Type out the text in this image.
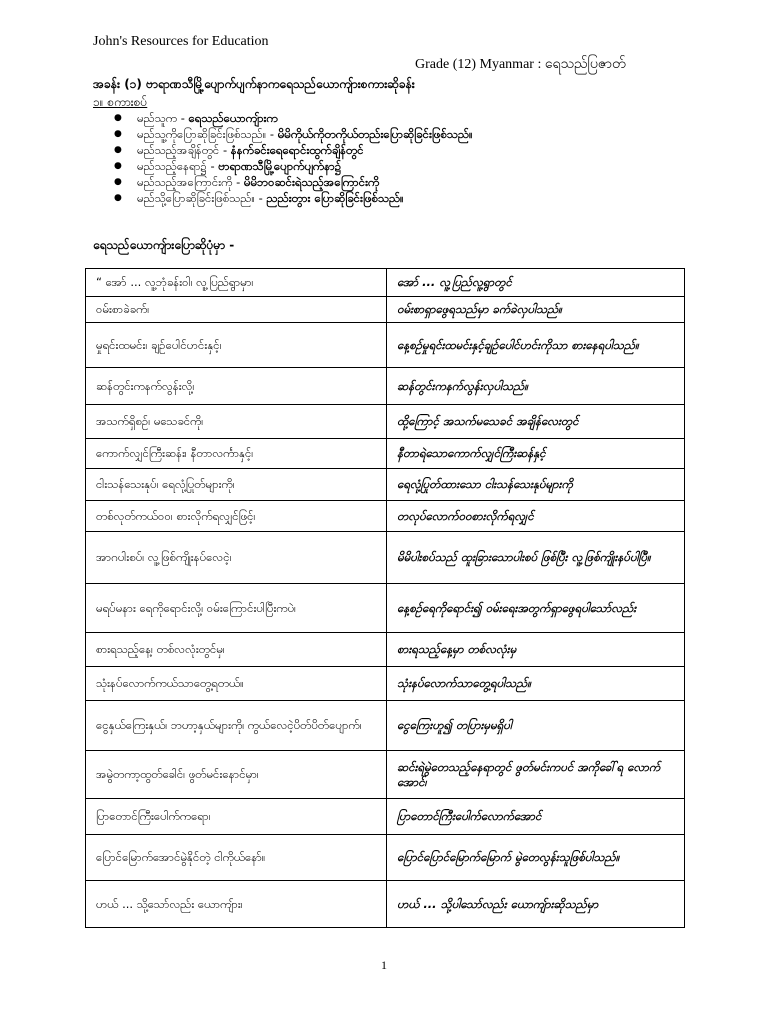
John's Resources for Education
Grade (12) Myanmar : ရေသည်ပြဇာတ်
အခန်း (၁) ဗာရာဏသီမြို့ပျောက်ပျက်နာကရေသည်ယောကျ်ားစကားဆိုခန်း
၁။ စကားစပ်
● မည်သူက - ရေသည်ယောကျ်ားက
● မည်သူ့ကိုပြောဆိုခြင်းဖြစ်သည်။ - မိမိကိုယ်ကိုတကိုယ်တည်းပြောဆိုခြင်းဖြစ်သည်။
● မည်သည့်အချိန်တွင် - နံနက်ခင်းရေရောင်းထွက်ချိန်တွင်
● မည်သည့်နေရာ၌ - ဗာရာဏသီမြို့ပျောက်ပျက်နာ၌
● မည်သည့်အကြောင်းကို - မိမိဘဝဆင်းရဲသည့်အကြောင်းကို
● မည်သို့ပြောဆိုခြင်းဖြစ်သည်။ - ညည်းတွား ပြောဆိုခြင်းဖြစ်သည်။
ရေသည်ယောကျ်ားပြောဆိုပုံမှာ -
“ အော် ... လူ့ဘုံခန်းဝါ၊ လူ့ပြည်ရွာမှာ၊	အော် ... လူ့ပြည်လူ့ရွာတွင်
ဝမ်းစာခဲခက်၊	ဝမ်းစာရှာဖွေရသည်မှာ ခက်ခဲလှပါသည်။
မှုရင်းထမင်း၊ ချဉ်ပေါင်ဟင်းနှင့်၊	နေ့စဉ်မှုရင်းထမင်းနှင့်ချဉ်ပေါင်ဟင်းကိုသာ စားနေရပါသည်။
ဆန်တွင်းကနက်လွန်းလို့၊	ဆန်တွင်းကနက်လွန်းလှပါသည်။
အသက်ရှိစဉ်၊ မသေခင်ကို၊	ထို့ကြောင့် အသက်မသေခင် အချိန်လေးတွင်
ကောက်လျှင်ကြီးဆန်း၊ နီတာလင်္ကာနှင့်၊	နီတာရဲသောကောက်လျှင်ကြီးဆန်နှင့်
ငါးသန်သေးနုပ်၊ ရေလုံ့ပြုတ်များကို၊	ရေလုံ့ပြုတ်ထားသော ငါးသန်သေးနုပ်များကို
တစ်လုတ်ကယ်ဝဝ၊ စားလိုက်ရလျှင်ဖြင့်၊	တလုပ်လောက်ဝဝစားလိုက်ရလျှင်
အာဂပါးစပ်၊ လူ့ဖြစ်ကျိုးနပ်လေငဲ့၊	မိမိပါးစပ်သည် ထူးခြားသောပါးစပ် ဖြစ်ပြီး လူ့ဖြစ်ကျိုးနပ်ပါပြီ။
မရပ်မနား ရေကိုရောင်းလို့၊ ဝမ်းကြောင်းပါပြီးကပဲ၊	နေ့စဉ်ရေကိုရောင်း၍ ဝမ်းရေးအတွက်ရှာဖွေရပါသော်လည်း
စားရသည့်နေ့၊ တစ်လလုံးတွင်မှ၊	စားရသည့်နေ့မှာ တစ်လလုံးမှ
သုံးနပ်လောက်ကယ်သာတွေ့ရတယ်။	သုံးနပ်လောက်သာတွေ့ရပါသည်။
ငွေနှယ်ကြေးနှယ်၊ ဘဟာ့နှယ်များကို၊ ကွယ်လေငဲ့ပိတ်ပိတ်ပျောက်၊	ငွေကြေးဟူ၍ တပြားမှမရှိပါ
အမွဲတကာ့ထွတ်ခေါင်၊ ဖွတ်မင်းနောင်မှာ၊	ဆင်းရဲမွဲတေသည့်နေရာတွင် ဖွတ်မင်းကပင် အကိုခေါ်ရ လောက်အောင်၊
ပြာတောင်ကြီးပေါက်ကရော၊	ပြာတောင်ကြီးပေါက်လောက်အောင်
ပြောင်မြောက်အောင်မွဲနိုင်တဲ့ ငါကိုယ်နော်။	ပြောင်ပြောင်မြောက်မြောက် မွဲတေလွန်းသူဖြစ်ပါသည်။
ဟယ် ... သို့သော်လည်း ယောကျ်ား၊	ဟယ် ... သို့ပါသော်လည်း ယောကျ်ားဆိုသည်မှာ
1
